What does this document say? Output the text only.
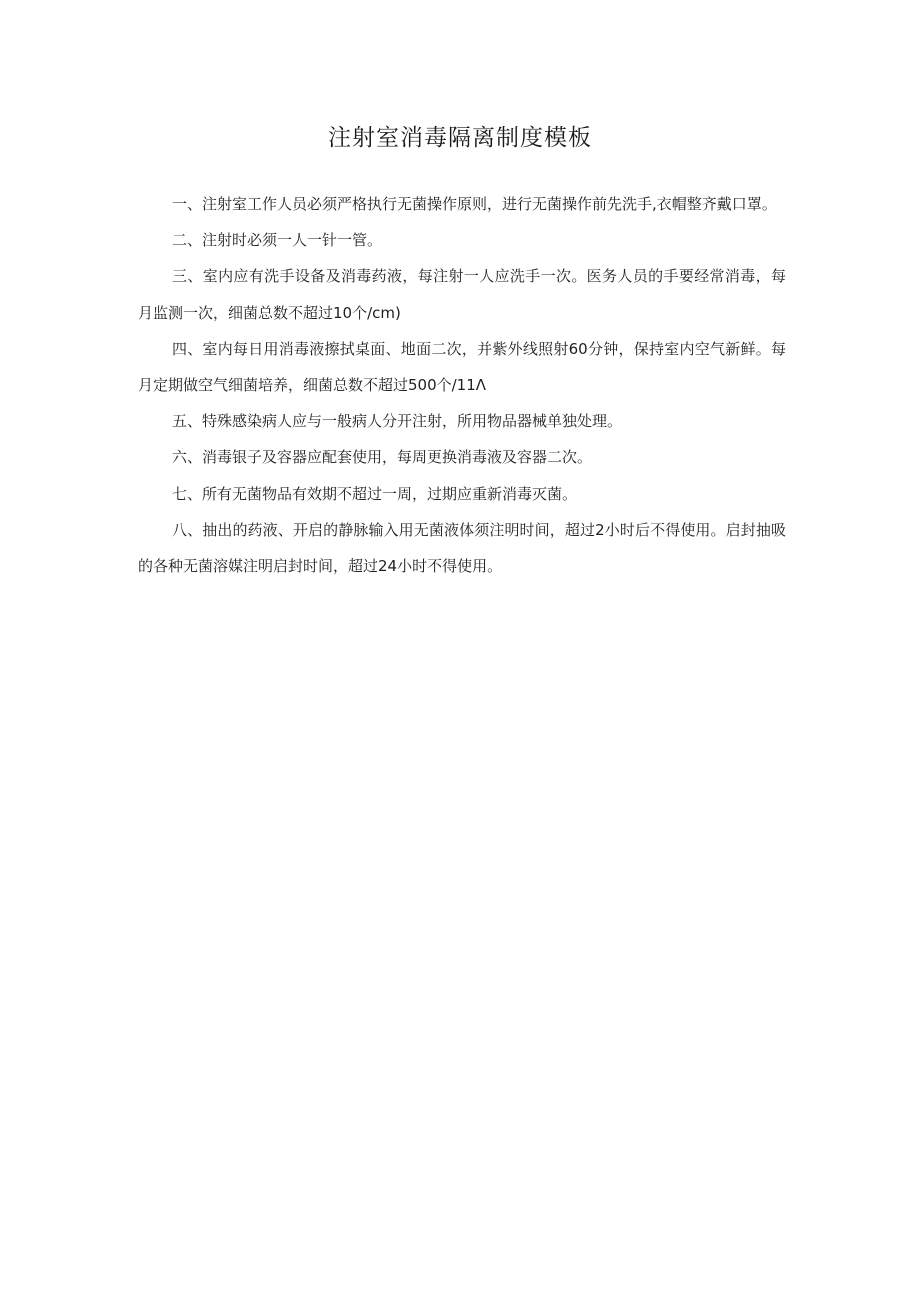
注射室消毒隔离制度模板

一、注射室工作人员必须严格执行无菌操作原则，进行无菌操作前先洗手,衣帽整齐戴口罩。

二、注射时必须一人一针一管。

三、室内应有洗手设备及消毒药液，每注射一人应洗手一次。医务人员的手要经常消毒，每月监测一次，细菌总数不超过10个/cm)

四、室内每日用消毒液擦拭桌面、地面二次，并紫外线照射60分钟，保持室内空气新鲜。每月定期做空气细菌培养，细菌总数不超过500个/11Λ

五、特殊感染病人应与一般病人分开注射，所用物品器械单独处理。

六、消毒银子及容器应配套使用，每周更换消毒液及容器二次。

七、所有无菌物品有效期不超过一周，过期应重新消毒灭菌。

八、抽出的药液、开启的静脉输入用无菌液体须注明时间，超过2小时后不得使用。启封抽吸的各种无菌溶媒注明启封时间，超过24小时不得使用。
